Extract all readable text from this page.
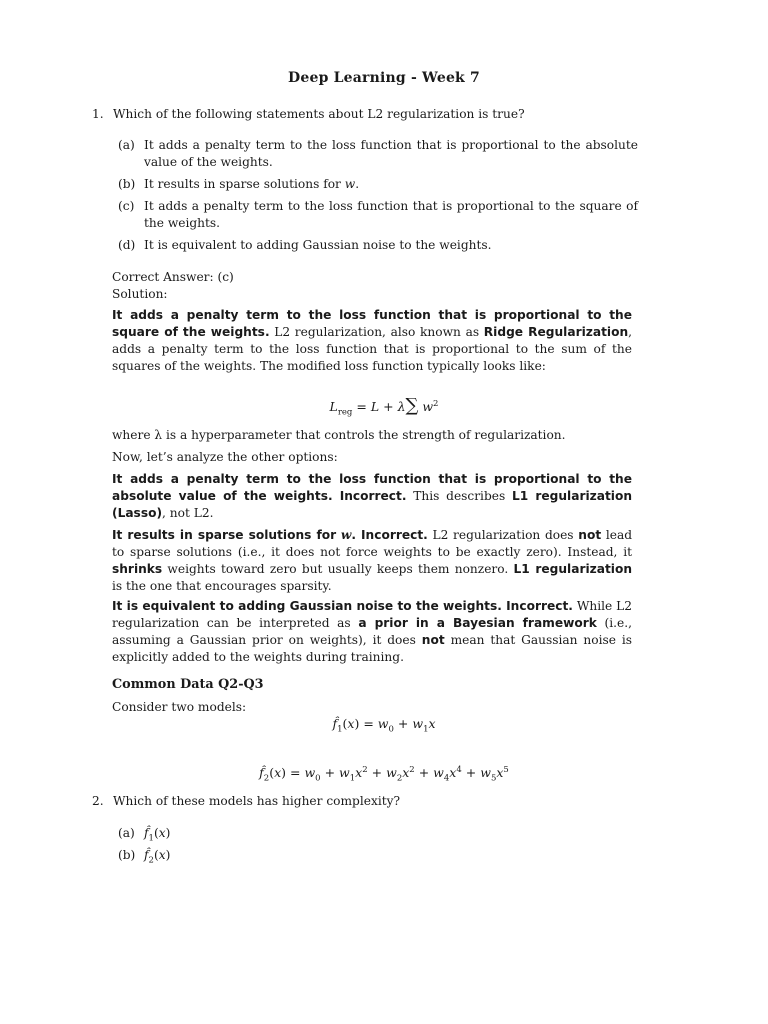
Deep Learning - Week 7
1. Which of the following statements about L2 regularization is true?
(a) It adds a penalty term to the loss function that is proportional to the absolute value of the weights.
(b) It results in sparse solutions for w.
(c) It adds a penalty term to the loss function that is proportional to the square of the weights.
(d) It is equivalent to adding Gaussian noise to the weights.
Correct Answer: (c)
Solution:
It adds a penalty term to the loss function that is proportional to the square of the weights. L2 regularization, also known as Ridge Regularization, adds a penalty term to the loss function that is proportional to the sum of the squares of the weights. The modified loss function typically looks like:
$L_{reg} = L + \lambda\sum$ $w^2$
where λ is a hyperparameter that controls the strength of regularization.
Now, let’s analyze the other options:
It adds a penalty term to the loss function that is proportional to the absolute value of the weights. Incorrect. This describes L1 regularization (Lasso), not L2.
It results in sparse solutions for w. Incorrect. L2 regularization does not lead to sparse solutions (i.e., it does not force weights to be exactly zero). Instead, it shrinks weights toward zero but usually keeps them nonzero. L1 regularization is the one that encourages sparsity.
It is equivalent to adding Gaussian noise to the weights. Incorrect. While L2 regularization can be interpreted as a prior in a Bayesian framework (i.e., assuming a Gaussian prior on weights), it does not mean that Gaussian noise is explicitly added to the weights during training.
Common Data Q2-Q3
Consider two models:
$f̂_1(x) = w_0 + w_1x$
$f̂_2(x) = w_0 + w_1x^2 + w_2x^2 + w_4x^4 + w_5x^5$
2. Which of these models has higher complexity?
(a) $f̂_1(x)$
(b) $f̂_2(x)$
